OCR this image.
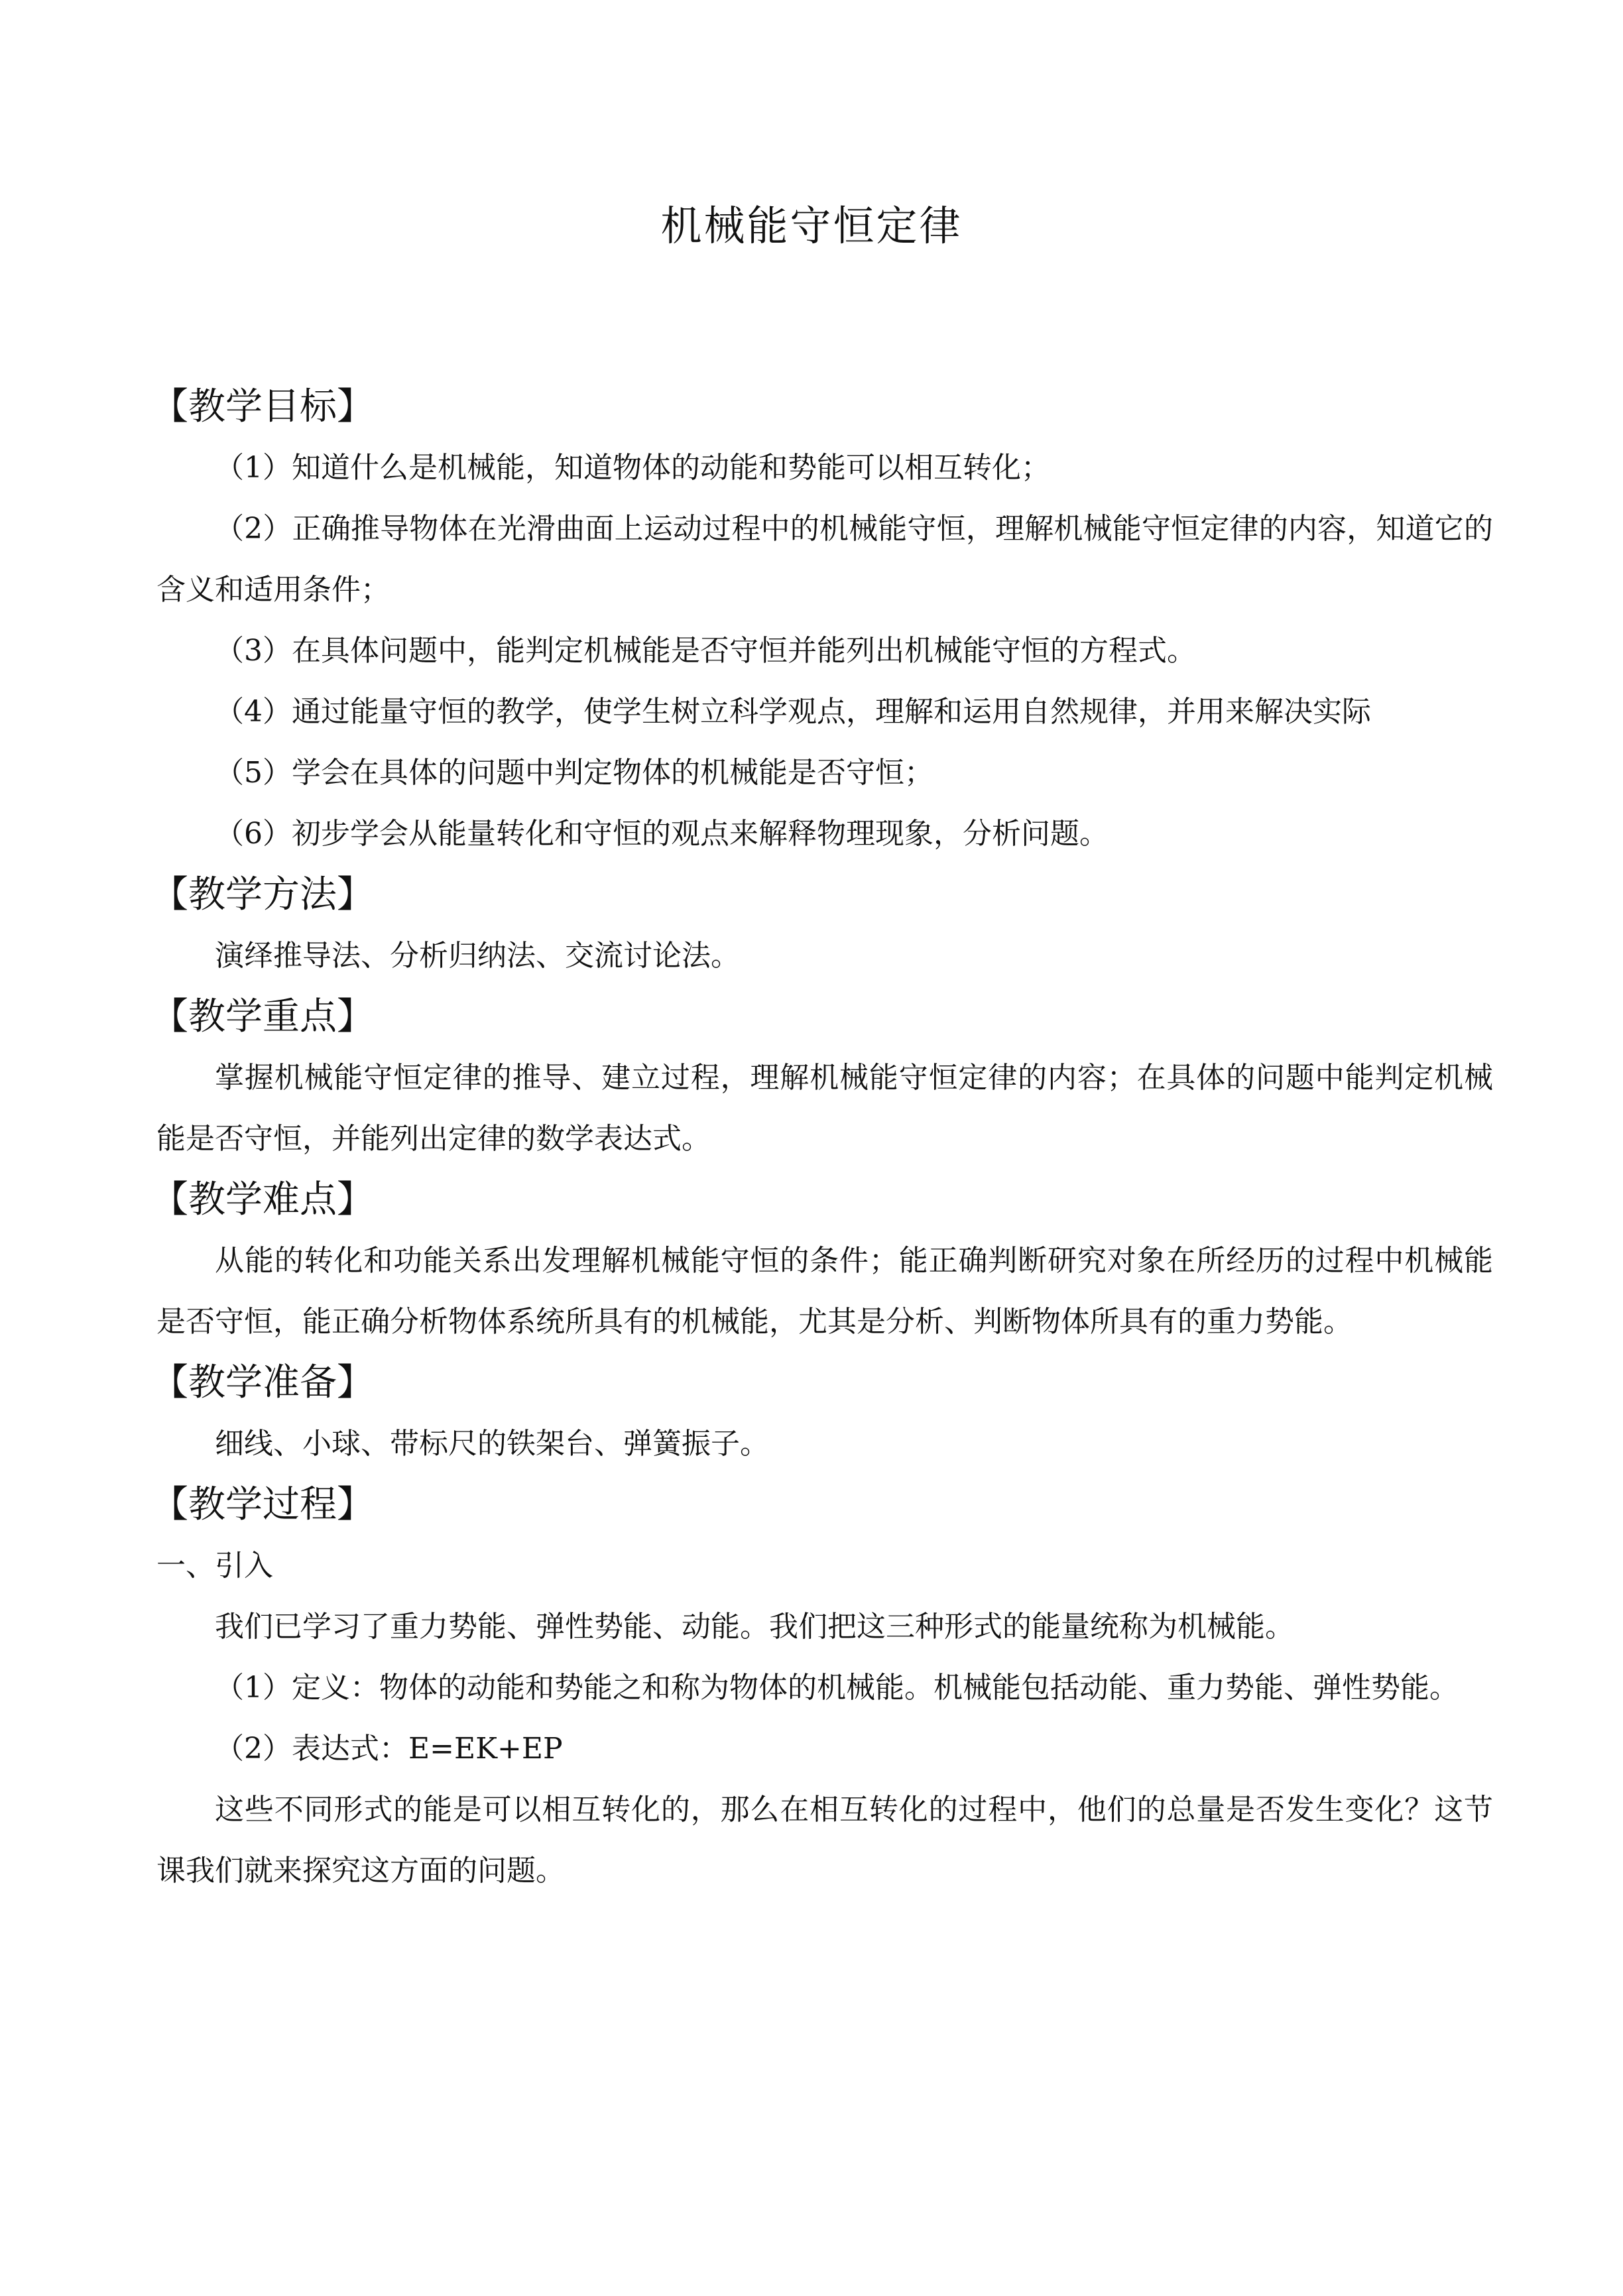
机械能守恒定律
【教学目标】

（1）知道什么是机械能，知道物体的动能和势能可以相互转化；

（2）正确推导物体在光滑曲面上运动过程中的机械能守恒，理解机械能守恒定律的内容，知道它的含义和适用条件；

（3）在具体问题中，能判定机械能是否守恒并能列出机械能守恒的方程式。

（4）通过能量守恒的教学，使学生树立科学观点，理解和运用自然规律，并用来解决实际

（5）学会在具体的问题中判定物体的机械能是否守恒；

（6）初步学会从能量转化和守恒的观点来解释物理现象，分析问题。

【教学方法】

演绎推导法、分析归纳法、交流讨论法。

【教学重点】

掌握机械能守恒定律的推导、建立过程，理解机械能守恒定律的内容；在具体的问题中能判定机械能是否守恒，并能列出定律的数学表达式。

【教学难点】

从能的转化和功能关系出发理解机械能守恒的条件；能正确判断研究对象在所经历的过程中机械能是否守恒，能正确分析物体系统所具有的机械能，尤其是分析、判断物体所具有的重力势能。

【教学准备】

细线、小球、带标尺的铁架台、弹簧振子。

【教学过程】

一、引入

我们已学习了重力势能、弹性势能、动能。我们把这三种形式的能量统称为机械能。

（1）定义：物体的动能和势能之和称为物体的机械能。机械能包括动能、重力势能、弹性势能。

（2）表达式：E=EK+EP

这些不同形式的能是可以相互转化的，那么在相互转化的过程中，他们的总量是否发生变化？这节课我们就来探究这方面的问题。
